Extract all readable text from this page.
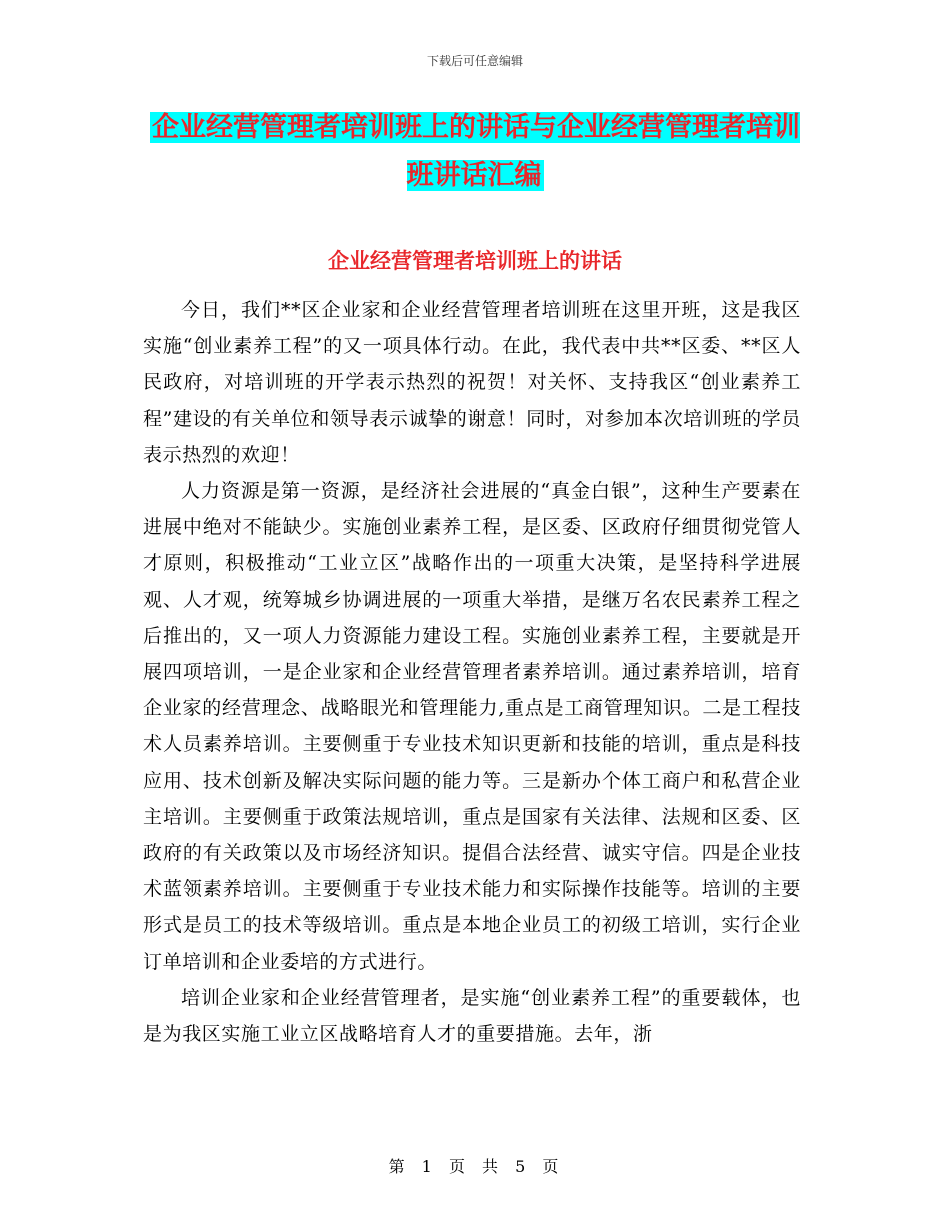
下载后可任意编辑
企业经营管理者培训班上的讲话与企业经营管理者培训班讲话汇编
企业经营管理者培训班上的讲话

今日，我们**区企业家和企业经营管理者培训班在这里开班，这是我区实施“创业素养工程”的又一项具体行动。在此，我代表中共**区委、**区人民政府，对培训班的开学表示热烈的祝贺！对关怀、支持我区“创业素养工程”建设的有关单位和领导表示诚挚的谢意！同时，对参加本次培训班的学员表示热烈的欢迎！

人力资源是第一资源，是经济社会进展的“真金白银”，这种生产要素在进展中绝对不能缺少。实施创业素养工程，是区委、区政府仔细贯彻党管人才原则，积极推动“工业立区”战略作出的一项重大决策，是坚持科学进展观、人才观，统筹城乡协调进展的一项重大举措，是继万名农民素养工程之后推出的，又一项人力资源能力建设工程。实施创业素养工程，主要就是开展四项培训，一是企业家和企业经营管理者素养培训。通过素养培训，培育企业家的经营理念、战略眼光和管理能力,重点是工商管理知识。二是工程技术人员素养培训。主要侧重于专业技术知识更新和技能的培训，重点是科技应用、技术创新及解决实际问题的能力等。三是新办个体工商户和私营企业主培训。主要侧重于政策法规培训，重点是国家有关法律、法规和区委、区政府的有关政策以及市场经济知识。提倡合法经营、诚实守信。四是企业技术蓝领素养培训。主要侧重于专业技术能力和实际操作技能等。培训的主要形式是员工的技术等级培训。重点是本地企业员工的初级工培训，实行企业订单培训和企业委培的方式进行。

培训企业家和企业经营管理者，是实施“创业素养工程”的重要载体，也是为我区实施工业立区战略培育人才的重要措施。去年，浙

第 1 页 共 5 页
